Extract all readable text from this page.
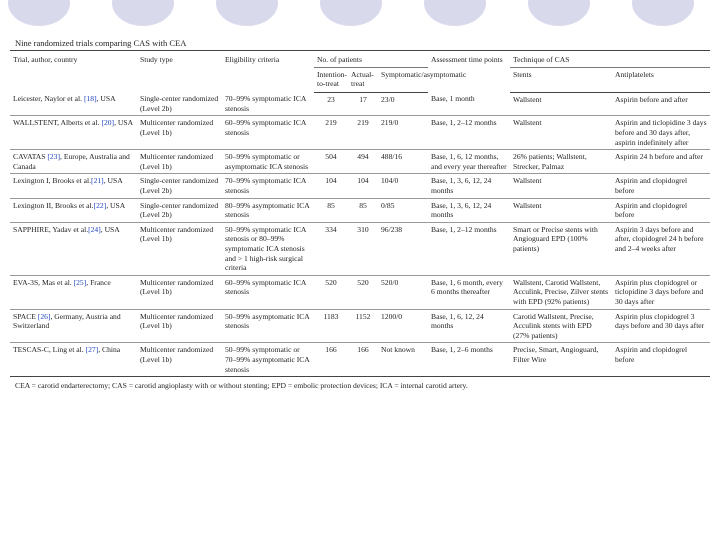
Nine randomized trials comparing CAS with CEA
Trial, author, country	Study type	Eligibility criteria	No. of patients			Assessment time points	Technique of CAS	
			Intention-to-treat	Actual-treat	Symptomatic/asymptomatic		Stents	Antiplatelets
Leicester, Naylor et al. [18], USA	Single-center randomized (Level 2b)	70–99% symptomatic ICA stenosis	23	17	23/0	Base, 1 month	Wallstent	Aspirin before and after
WALLSTENT, Alberts et al. [20], USA	Multicenter randomized (Level 1b)	60–99% symptomatic ICA stenosis	219	219	219/0	Base, 1, 2–12 months	Wallstent	Aspirin and ticlopidine 3 days before and 30 days after, aspirin indefinitely after
CAVATAS [23], Europe, Australia and Canada	Multicenter randomized (Level 1b)	50–99% symptomatic or asymptomatic ICA stenosis	504	494	488/16	Base, 1, 6, 12 months, and every year thereafter	26% patients; Wallstent, Strecker, Palmaz	Aspirin 24 h before and after
Lexington I, Brooks et al.[21], USA	Single-center randomized (Level 2b)	70–99% symptomatic ICA stenosis	104	104	104/0	Base, 1, 3, 6, 12, 24 months	Wallstent	Aspirin and clopidogrel before
Lexington II, Brooks et al.[22], USA	Single-center randomized (Level 2b)	80–99% asymptomatic ICA stenosis	85	85	0/85	Base, 1, 3, 6, 12, 24 months	Wallstent	Aspirin and clopidogrel before
SAPPHIRE, Yadav et al.[24], USA	Multicenter randomized (Level 1b)	50–99% symptomatic ICA stenosis or 80–99% symptomatic ICA stenosis and > 1 high-risk surgical criteria	334	310	96/238	Base, 1, 2–12 months	Smart or Precise stents with Angioguard EPD (100% patients)	Aspirin 3 days before and after, clopidogrel 24 h before and 2–4 weeks after
EVA-3S, Mas et al. [25], France	Multicenter randomized (Level 1b)	60–99% symptomatic ICA stenosis	520	520	520/0	Base, 1, 6 month, every 6 months thereafter	Wallstent, Carotid Wallstent, Acculink, Precise, Zilver stents with EPD (92% patients)	Aspirin plus clopidogrel or ticlopidine 3 days before and 30 days after
SPACE [26], Germany, Austria and Switzerland	Multicenter randomized (Level 1b)	50–99% asymptomatic ICA stenosis	1183	1152	1200/0	Base, 1, 6, 12, 24 months	Carotid Wallstent, Precise, Acculink stents with EPD (27% patients)	Aspirin plus clopidogrel 3 days before and 30 days after
TESCAS-C, Ling et al. [27], China	Multicenter randomized (Level 1b)	50–99% symptomatic or 70–99% asymptomatic ICA stenosis	166	166	Not known	Base, 1, 2–6 months	Precise, Smart, Angioguard, Filter Wire	Aspirin and clopidogrel before
CEA = carotid endarterectomy; CAS = carotid angioplasty with or without stenting; EPD = embolic protection devices; ICA = internal carotid artery.
